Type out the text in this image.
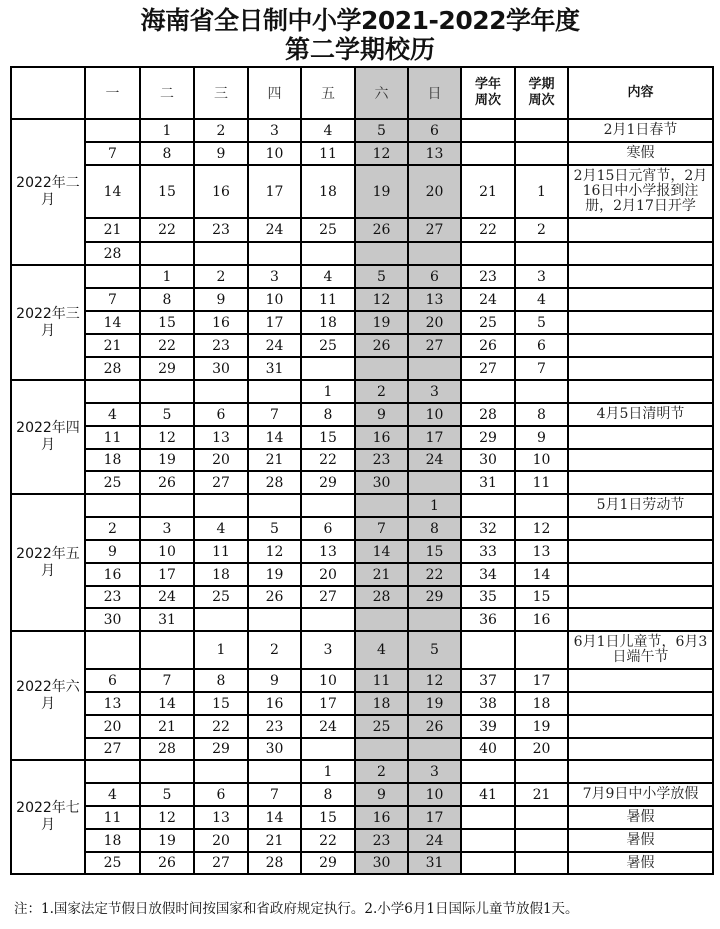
海南省全日制中小学2021-2022学年度
第二学期校历
	一	二	三	四	五	六	日	学年周次	学期周次	内容

2022年二月		1	2	3	4	5	6			2月1日春节
	7	8	9	10	11	12	13			寒假
	14	15	16	17	18	19	20	21	1	2月15日元宵节，2月16日中小学报到注册，2月17日开学
	21	22	23	24	25	26	27	22	2	
	28									

2022年三月		1	2	3	4	5	6	23	3	
	7	8	9	10	11	12	13	24	4	
	14	15	16	17	18	19	20	25	5	
	21	22	23	24	25	26	27	26	6	
	28	29	30	31				27	7	

2022年四月					1	2	3			
	4	5	6	7	8	9	10	28	8	4月5日清明节
	11	12	13	14	15	16	17	29	9	
	18	19	20	21	22	23	24	30	10	
	25	26	27	28	29	30		31	11	

2022年五月							1			5月1日劳动节
	2	3	4	5	6	7	8	32	12	
	9	10	11	12	13	14	15	33	13	
	16	17	18	19	20	21	22	34	14	
	23	24	25	26	27	28	29	35	15	
	30	31						36	16	

2022年六月			1	2	3	4	5			6月1日儿童节，6月3日端午节
	6	7	8	9	10	11	12	37	17	
	13	14	15	16	17	18	19	38	18	
	20	21	22	23	24	25	26	39	19	
	27	28	29	30				40	20	

2022年七月					1	2	3			
	4	5	6	7	8	9	10	41	21	7月9日中小学放假
	11	12	13	14	15	16	17			暑假
	18	19	20	21	22	23	24			暑假
	25	26	27	28	29	30	31			暑假
注：1.国家法定节假日放假时间按国家和省政府规定执行。2.小学6月1日国际儿童节放假1天。
